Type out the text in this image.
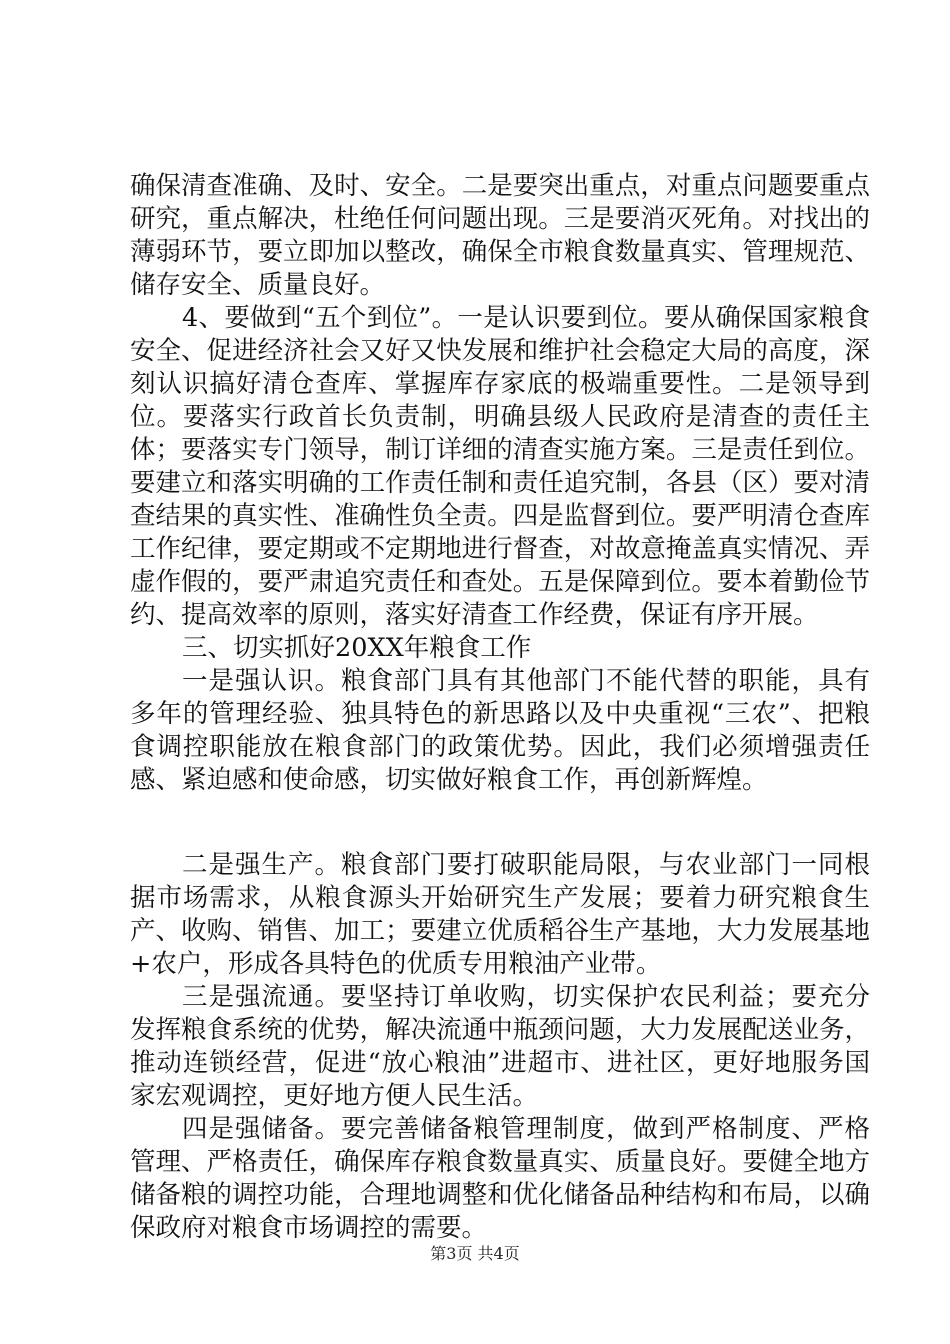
确保清查准确、及时、安全。二是要突出重点，对重点问题要重点研究，重点解决，杜绝任何问题出现。三是要消灭死角。对找出的薄弱环节，要立即加以整改，确保全市粮食数量真实、管理规范、储存安全、质量良好。

4、要做到“五个到位”。一是认识要到位。要从确保国家粮食安全、促进经济社会又好又快发展和维护社会稳定大局的高度，深刻认识搞好清仓查库、掌握库存家底的极端重要性。二是领导到位。要落实行政首长负责制，明确县级人民政府是清查的责任主体；要落实专门领导，制订详细的清查实施方案。三是责任到位。要建立和落实明确的工作责任制和责任追究制，各县（区）要对清查结果的真实性、准确性负全责。四是监督到位。要严明清仓查库工作纪律，要定期或不定期地进行督查，对故意掩盖真实情况、弄虚作假的，要严肃追究责任和查处。五是保障到位。要本着勤俭节约、提高效率的原则，落实好清查工作经费，保证有序开展。

三、切实抓好20XX年粮食工作

一是强认识。粮食部门具有其他部门不能代替的职能，具有多年的管理经验、独具特色的新思路以及中央重视“三农”、把粮食调控职能放在粮食部门的政策优势。因此，我们必须增强责任感、紧迫感和使命感，切实做好粮食工作，再创新辉煌。

二是强生产。粮食部门要打破职能局限，与农业部门一同根据市场需求，从粮食源头开始研究生产发展；要着力研究粮食生产、收购、销售、加工；要建立优质稻谷生产基地，大力发展基地+农户，形成各具特色的优质专用粮油产业带。

三是强流通。要坚持订单收购，切实保护农民利益；要充分发挥粮食系统的优势，解决流通中瓶颈问题，大力发展配送业务，推动连锁经营，促进“放心粮油”进超市、进社区，更好地服务国家宏观调控，更好地方便人民生活。

四是强储备。要完善储备粮管理制度，做到严格制度、严格管理、严格责任，确保库存粮食数量真实、质量良好。要健全地方储备粮的调控功能，合理地调整和优化储备品种结构和布局，以确保政府对粮食市场调控的需要。

第3页 共4页
